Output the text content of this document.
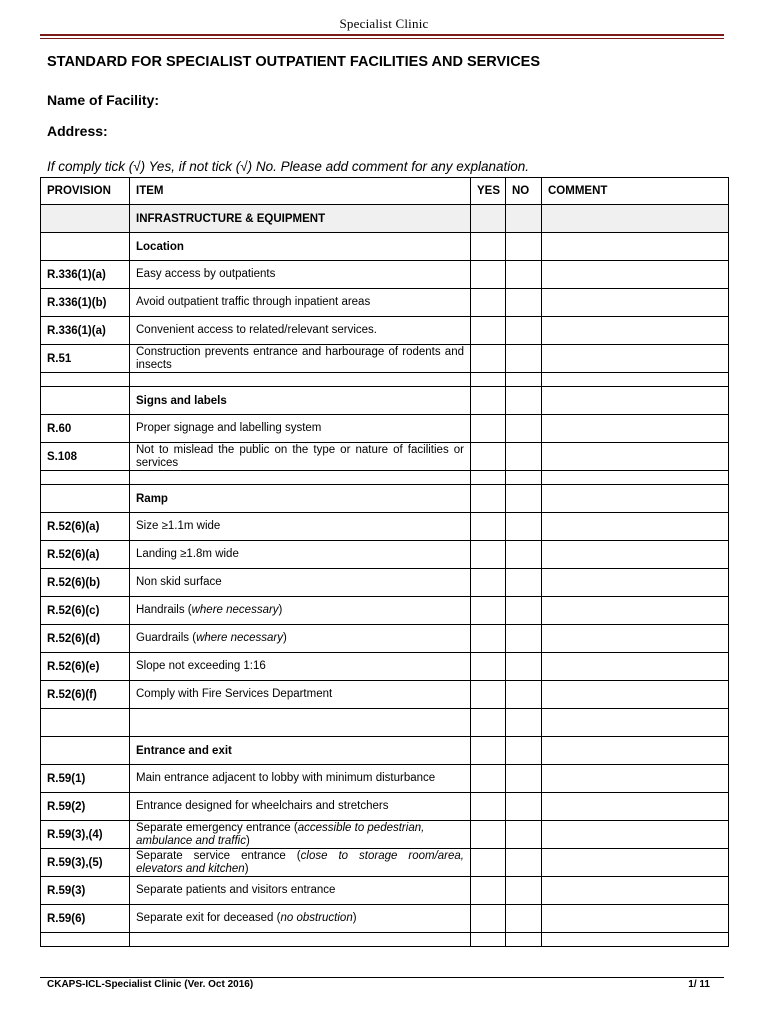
Specialist Clinic
STANDARD FOR SPECIALIST OUTPATIENT FACILITIES AND SERVICES
Name of Facility:
Address:
If comply tick (√) Yes, if not tick (√) No. Please add comment for any explanation.
PROVISION	ITEM	YES	NO	COMMENT
	INFRASTRUCTURE & EQUIPMENT			
	Location			
R.336(1)(a)	Easy access by outpatients			
R.336(1)(b)	Avoid outpatient traffic through inpatient areas			
R.336(1)(a)	Convenient access to related/relevant services.			
R.51	Construction prevents entrance and harbourage of rodents and insects			

	Signs and labels			
R.60	Proper signage and labelling system			
S.108	Not to mislead the public on the type or nature of facilities or services			

	Ramp			
R.52(6)(a)	Size ≥1.1m wide			
R.52(6)(a)	Landing ≥1.8m wide			
R.52(6)(b)	Non skid surface			
R.52(6)(c)	Handrails (where necessary)			
R.52(6)(d)	Guardrails (where necessary)			
R.52(6)(e)	Slope not exceeding 1:16			
R.52(6)(f)	Comply with Fire Services Department			

	Entrance and exit			
R.59(1)	Main entrance adjacent to lobby with minimum disturbance			
R.59(2)	Entrance designed for wheelchairs and stretchers			
R.59(3),(4)	Separate emergency entrance (accessible to pedestrian, ambulance and traffic)			
R.59(3),(5)	Separate service entrance (close to storage room/area, elevators and kitchen)			
R.59(3)	Separate patients and visitors entrance			
R.59(6)	Separate exit for deceased (no obstruction)			

CKAPS-ICL-Specialist Clinic (Ver. Oct 2016)	1/ 11
